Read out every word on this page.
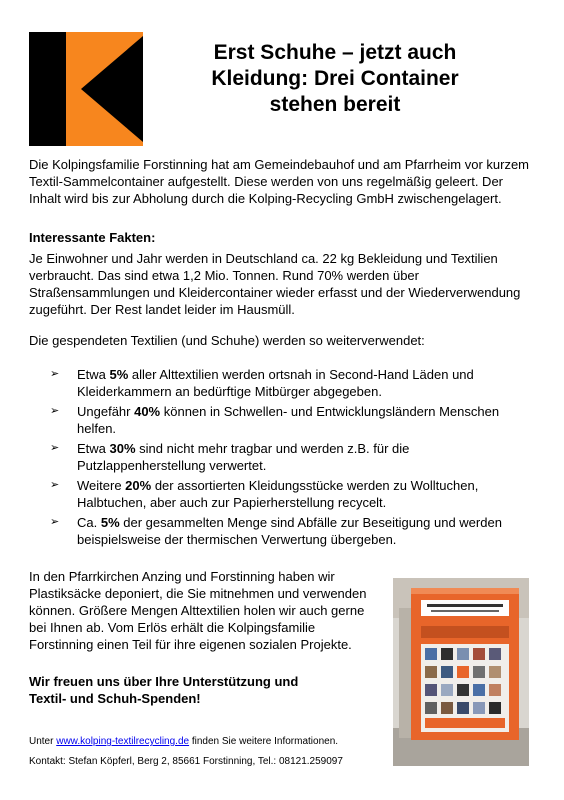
Erst Schuhe – jetzt auch
Kleidung: Drei Container
stehen bereit

Die Kolpingsfamilie Forstinning hat am Gemeindebauhof und am Pfarrheim vor kurzem Textil-Sammelcontainer aufgestellt. Diese werden von uns regelmäßig geleert. Der Inhalt wird bis zur Abholung durch die Kolping-Recycling GmbH zwischengelagert.

Interessante Fakten:

Je Einwohner und Jahr werden in Deutschland ca. 22 kg Bekleidung und Textilien verbraucht. Das sind etwa 1,2 Mio. Tonnen. Rund 70% werden über Straßensammlungen und Kleidercontainer wieder erfasst und der Wiederverwendung zugeführt. Der Rest landet leider im Hausmüll.

Die gespendeten Textilien (und Schuhe) werden so weiterverwendet:

➢ Etwa 5% aller Alttextilien werden ortsnah in Second-Hand Läden und Kleiderkammern an bedürftige Mitbürger abgegeben.
➢ Ungefähr 40% können in Schwellen- und Entwicklungsländern Menschen helfen.
➢ Etwa 30% sind nicht mehr tragbar und werden z.B. für die Putzlappenherstellung verwertet.
➢ Weitere 20% der assortierten Kleidungsstücke werden zu Wolltuchen, Halbtuchen, aber auch zur Papierherstellung recycelt.
➢ Ca. 5% der gesammelten Menge sind Abfälle zur Beseitigung und werden beispielsweise der thermischen Verwertung übergeben.

In den Pfarrkirchen Anzing und Forstinning haben wir Plastiksäcke deponiert, die Sie mitnehmen und verwenden können. Größere Mengen Alttextilien holen wir auch gerne bei Ihnen ab. Vom Erlös erhält die Kolpingsfamilie Forstinning einen Teil für ihre eigenen sozialen Projekte.

Wir freuen uns über Ihre Unterstützung und
Textil- und Schuh-Spenden!

Unter www.kolping-textilrecycling.de finden Sie weitere Informationen.

Kontakt: Stefan Köpferl, Berg 2, 85661 Forstinning, Tel.: 08121.259097
